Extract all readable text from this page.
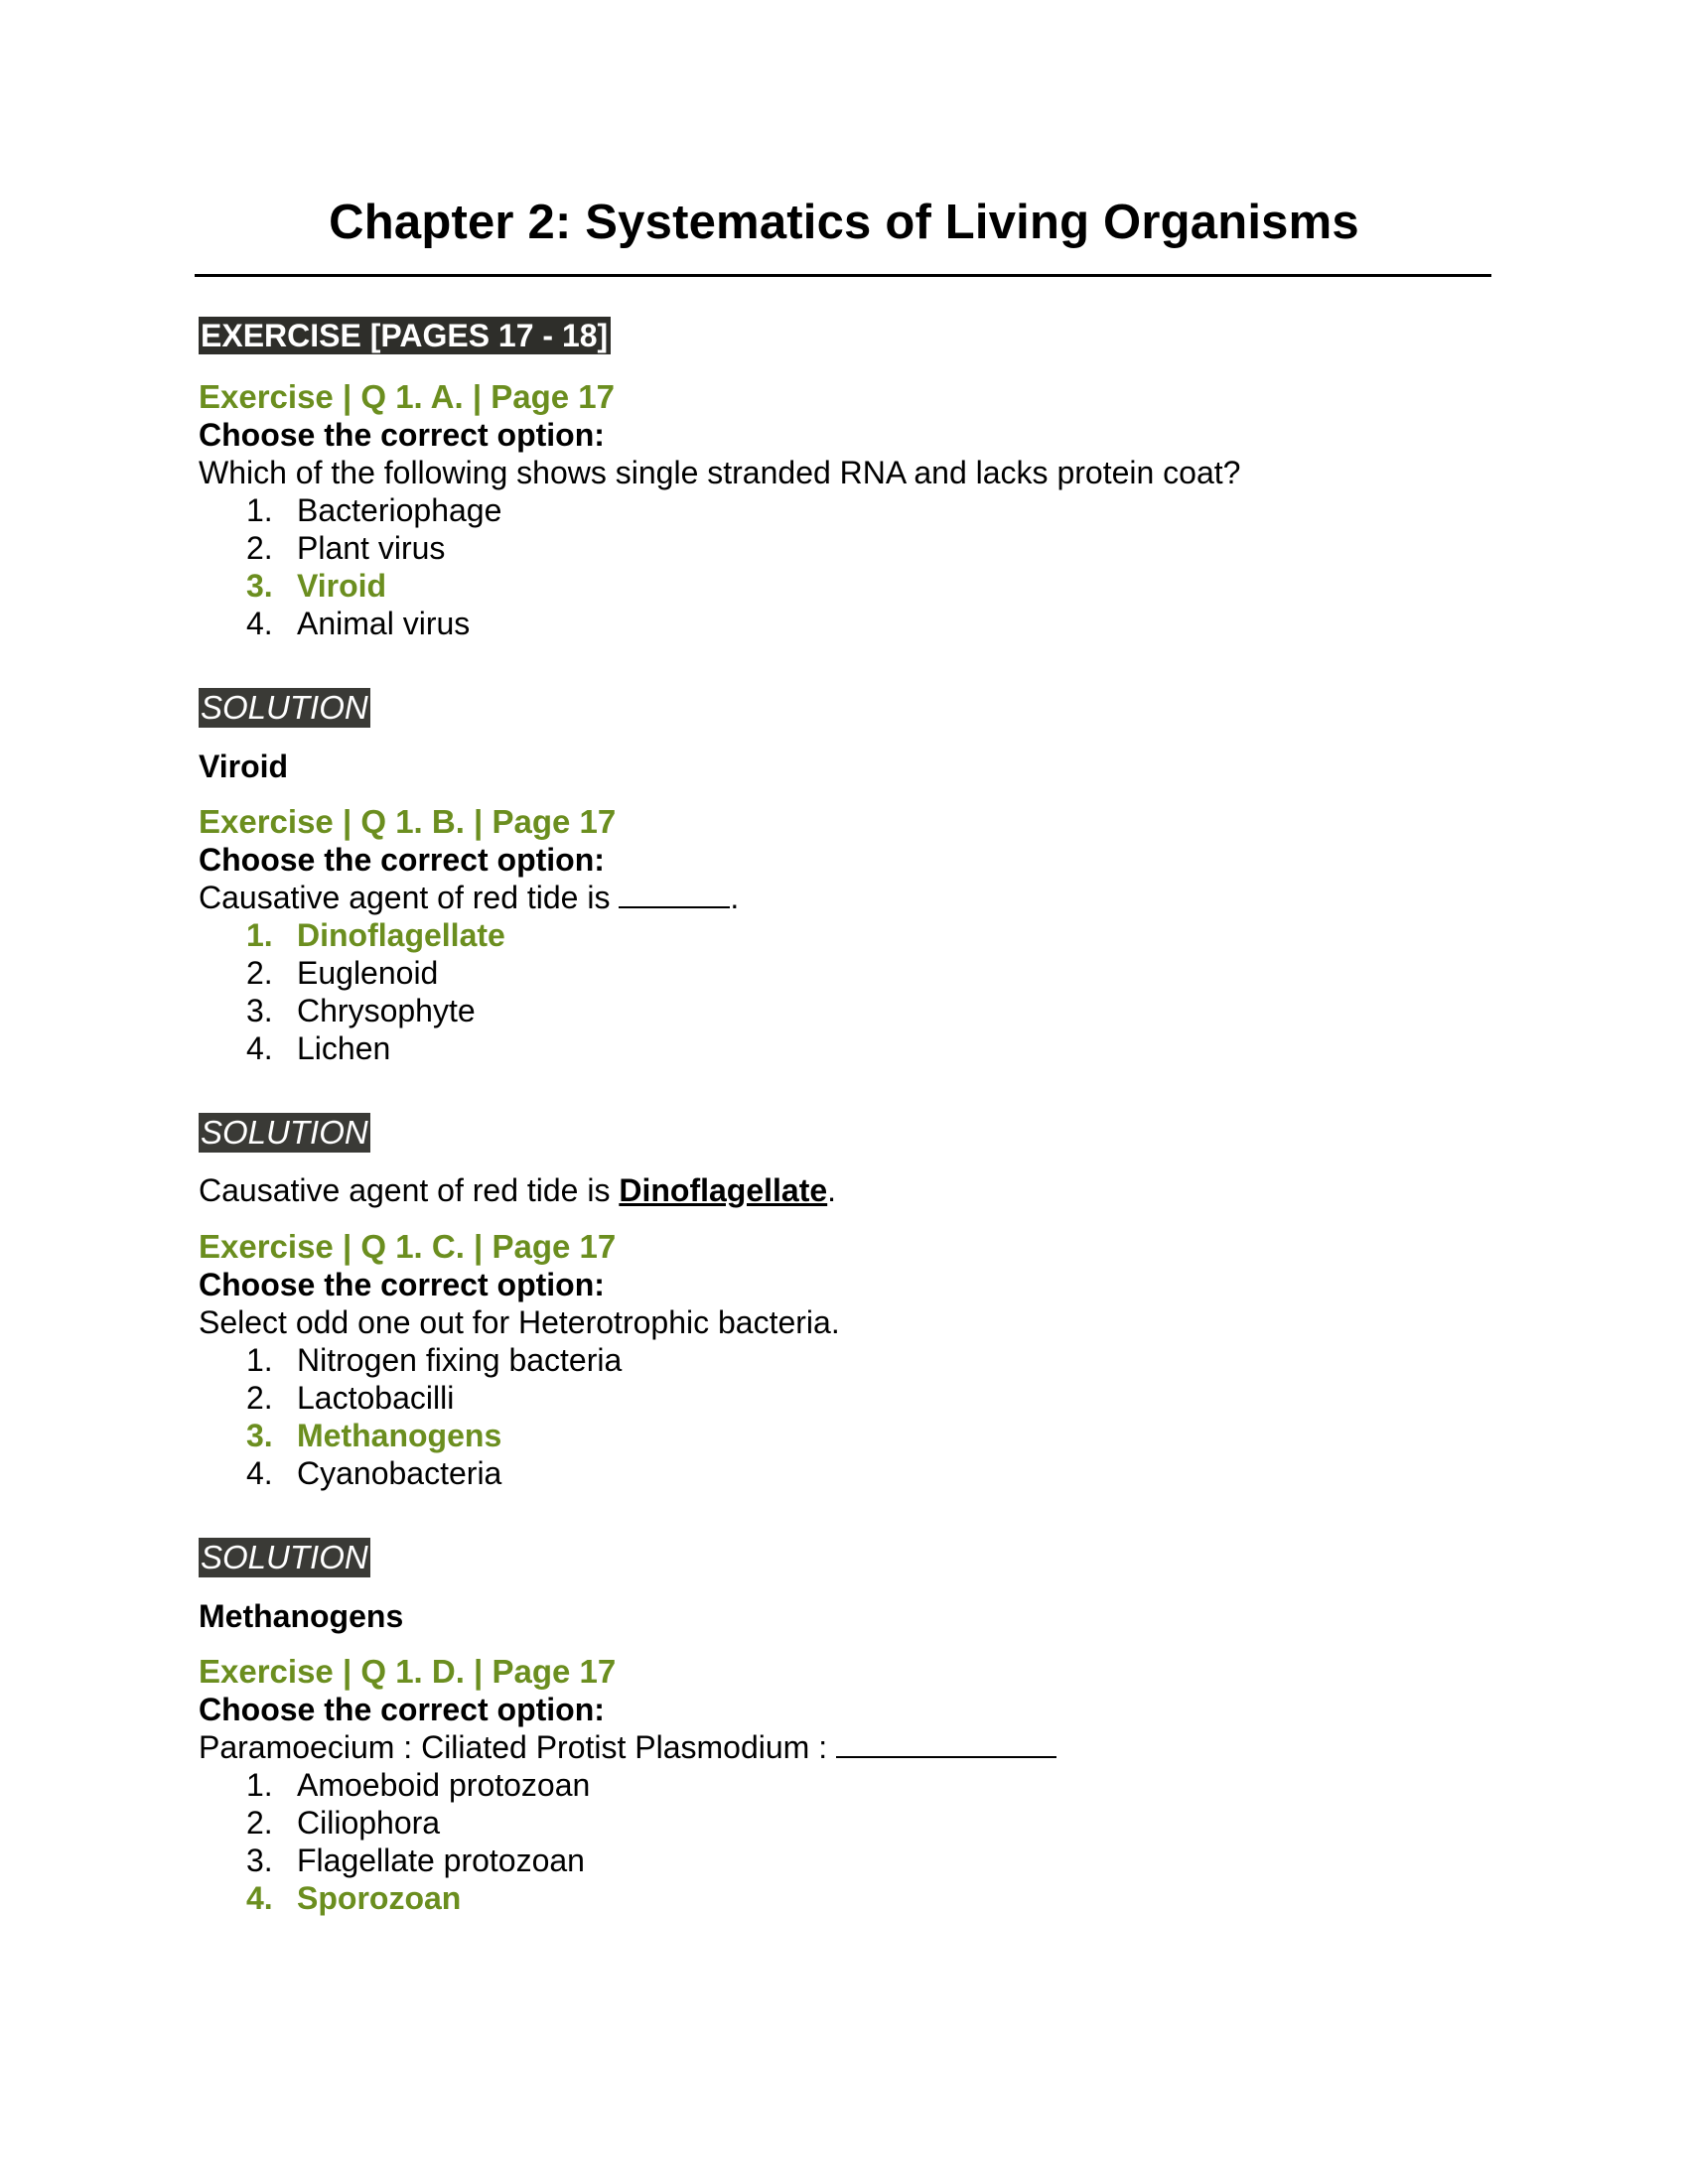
Chapter 2: Systematics of Living Organisms
EXERCISE [PAGES 17 - 18]
Exercise | Q 1. A. | Page 17
Choose the correct option:
Which of the following shows single stranded RNA and lacks protein coat?
1. Bacteriophage
2. Plant virus
3. Viroid
4. Animal virus
SOLUTION
Viroid
Exercise | Q 1. B. | Page 17
Choose the correct option:
Causative agent of red tide is	.
1. Dinoflagellate
2. Euglenoid
3. Chrysophyte
4. Lichen
SOLUTION
Causative agent of red tide is Dinoflagellate.
Exercise | Q 1. C. | Page 17
Choose the correct option:
Select odd one out for Heterotrophic bacteria.
1. Nitrogen fixing bacteria
2. Lactobacilli
3. Methanogens
4. Cyanobacteria
SOLUTION
Methanogens
Exercise | Q 1. D. | Page 17
Choose the correct option:
Paramoecium : Ciliated Protist Plasmodium :
1. Amoeboid protozoan
2. Ciliophora
3. Flagellate protozoan
4. Sporozoan
